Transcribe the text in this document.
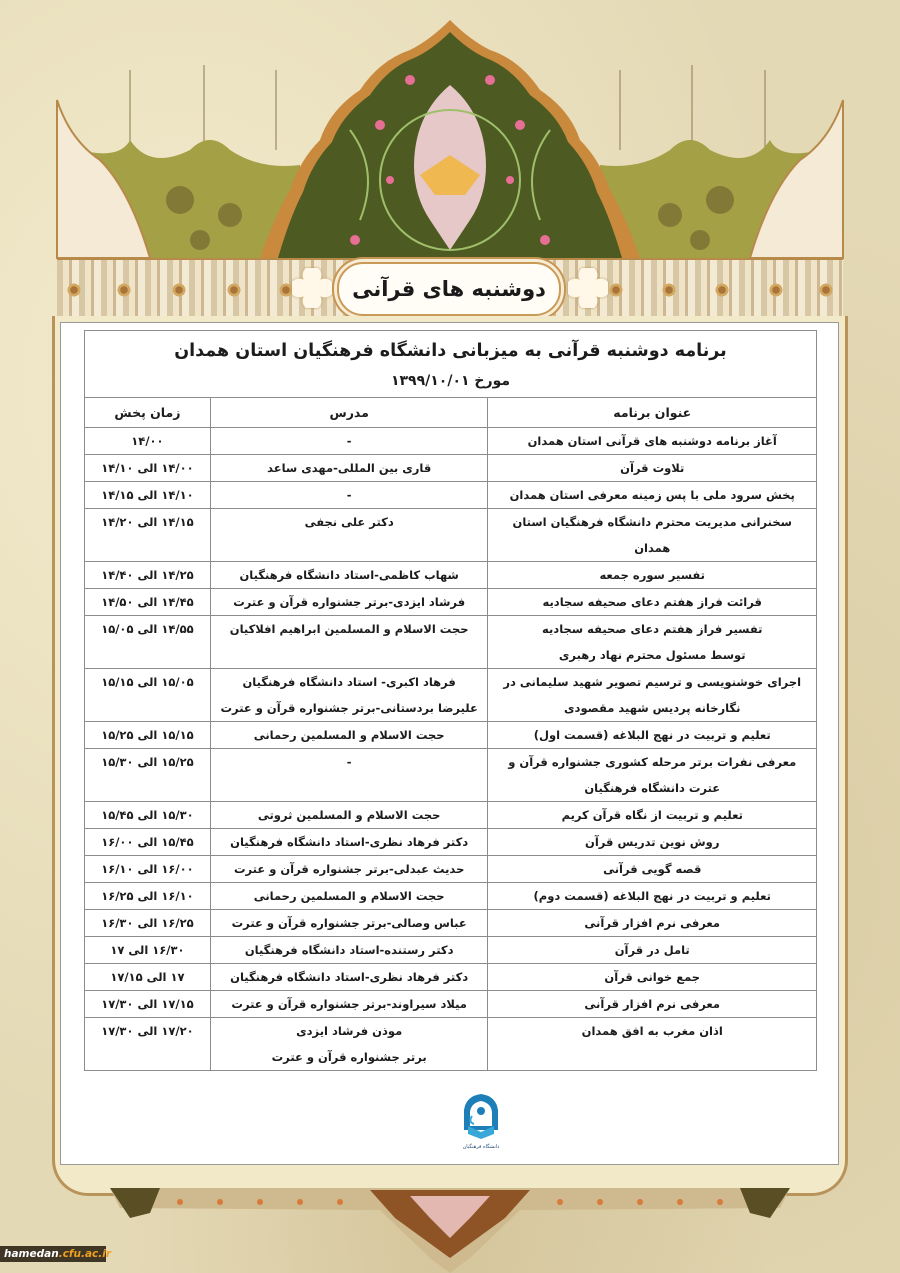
دوشنبه های قرآنی
برنامه دوشنبه قرآنی به میزبانی دانشگاه فرهنگیان استان همدان
مورخ ۱۳۹۹/۱۰/۰۱		

عنوان برنامه	مدرس	زمان پخش

آغاز برنامه دوشنبه های قرآنی استان همدان	-	۱۴/۰۰

تلاوت قرآن	قاری بین المللی-مهدی ساعد	۱۴/۰۰ الی ۱۴/۱۰

پخش سرود ملی با پس زمینه معرفی استان همدان	-	۱۴/۱۰ الی ۱۴/۱۵

سخنرانی مدیریت محترم دانشگاه فرهنگیان استان
همدان	دکتر علی نجفی	۱۴/۱۵ الی ۱۴/۲۰

تفسیر سوره جمعه	شهاب کاظمی-استاد دانشگاه فرهنگیان	۱۴/۲۵ الی ۱۴/۴۰

قرائت فراز هفتم دعای صحیفه سجادیه	فرشاد ایزدی-برتر جشنواره قرآن و عترت	۱۴/۴۵ الی ۱۴/۵۰

تفسیر فراز هفتم دعای صحیفه سجادیه
توسط مسئول محترم نهاد رهبری	حجت الاسلام و المسلمین ابراهیم افلاکیان	۱۴/۵۵ الی ۱۵/۰۵

اجرای خوشنویسی و ترسیم تصویر شهید سلیمانی در
نگارخانه پردیس شهید مقصودی	فرهاد اکبری- استاد دانشگاه فرهنگیان
علیرضا بردستانی-برتر جشنواره قرآن و عترت	۱۵/۰۵ الی ۱۵/۱۵

تعلیم و تربیت در نهج البلاغه (قسمت اول)	حجت الاسلام و المسلمین رحمانی	۱۵/۱۵ الی ۱۵/۲۵

معرفی نفرات برتر مرحله کشوری جشنواره قرآن و
عترت دانشگاه فرهنگیان	-	۱۵/۲۵ الی ۱۵/۳۰

تعلیم و تربیت از نگاه قرآن کریم	حجت الاسلام و المسلمین ثروتی	۱۵/۳۰ الی ۱۵/۴۵

روش نوین تدریس قرآن	دکتر فرهاد نظری-استاد دانشگاه فرهنگیان	۱۵/۴۵ الی ۱۶/۰۰

قصه گویی قرآنی	حدیث عبدلی-برتر جشنواره قرآن و عترت	۱۶/۰۰ الی ۱۶/۱۰

تعلیم و تربیت در نهج البلاغه (قسمت دوم)	حجت الاسلام و المسلمین رحمانی	۱۶/۱۰ الی ۱۶/۲۵

معرفی نرم افزار قرآنی	عباس وصالی-برتر جشنواره قرآن و عترت	۱۶/۲۵ الی ۱۶/۳۰

تامل در قرآن	دکتر رستنده-استاد دانشگاه فرهنگیان	۱۶/۳۰ الی ۱۷

جمع خوانی قرآن	دکتر فرهاد نظری-استاد دانشگاه فرهنگیان	۱۷ الی ۱۷/۱۵

معرفی نرم افزار قرآنی	میلاد سیراوند-برتر جشنواره قرآن و عترت	۱۷/۱۵ الی ۱۷/۳۰

اذان مغرب به افق همدان	موذن فرشاد ایزدی
برتر جشنواره قرآن و عترت	۱۷/۲۰ الی ۱۷/۳۰
دانشگاه فرهنگیان
hamedan.cfu.ac.ir
